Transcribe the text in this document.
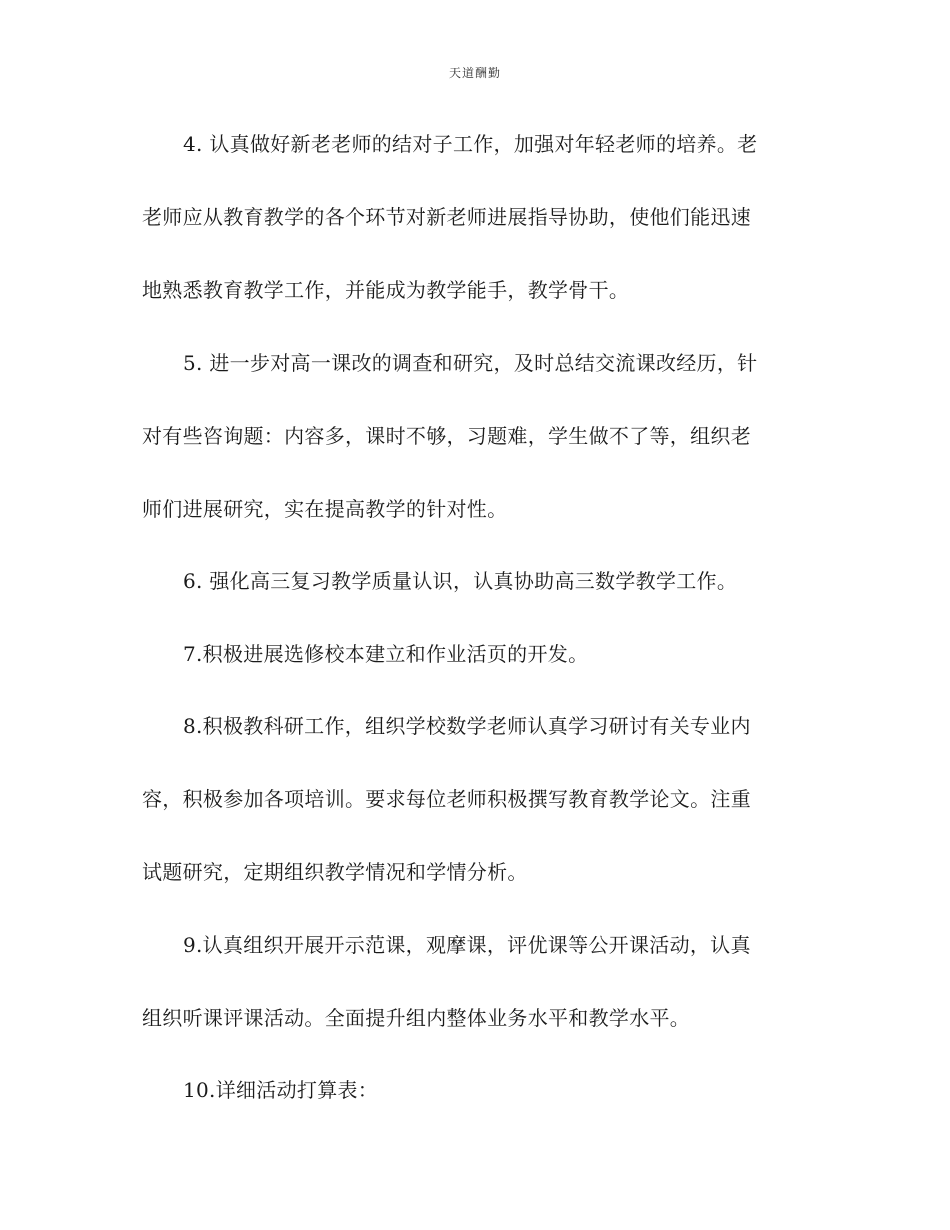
天道酬勤
4. 认真做好新老老师的结对子工作，加强对年轻老师的培养。老
老师应从教育教学的各个环节对新老师进展指导协助，使他们能迅速
地熟悉教育教学工作，并能成为教学能手，教学骨干。
5. 进一步对高一课改的调查和研究，及时总结交流课改经历，针
对有些咨询题：内容多，课时不够，习题难，学生做不了等，组织老
师们进展研究，实在提高教学的针对性。
6. 强化高三复习教学质量认识，认真协助高三数学教学工作。
7.积极进展选修校本建立和作业活页的开发。
8.积极教科研工作，组织学校数学老师认真学习研讨有关专业内
容，积极参加各项培训。要求每位老师积极撰写教育教学论文。注重
试题研究，定期组织教学情况和学情分析。
9.认真组织开展开示范课，观摩课，评优课等公开课活动，认真
组织听课评课活动。全面提升组内整体业务水平和教学水平。
10.详细活动打算表：
